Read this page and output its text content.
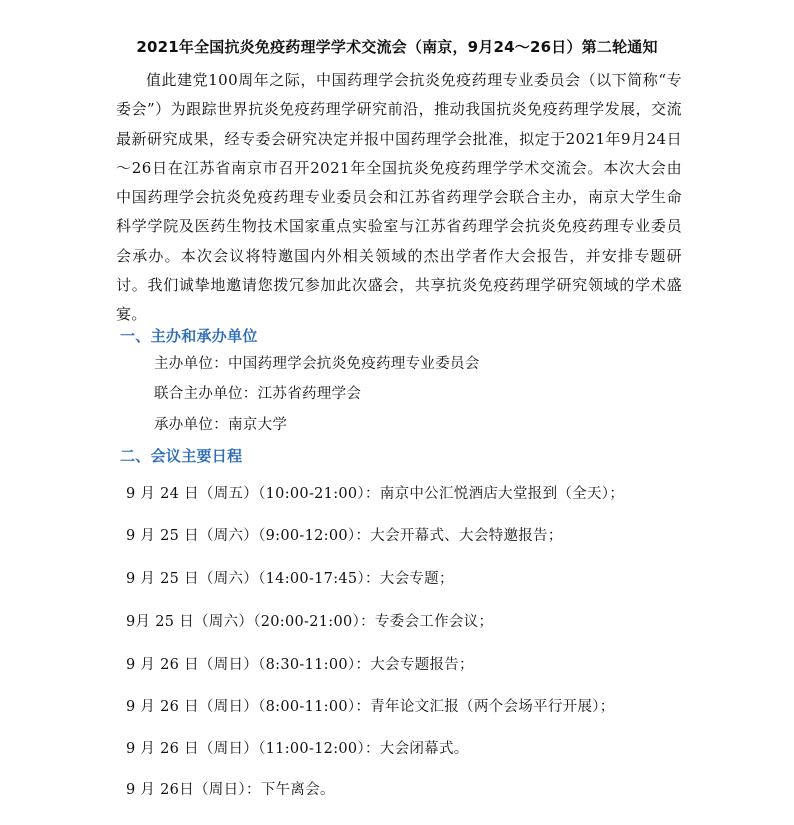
2021年全国抗炎免疫药理学学术交流会（南京，9月24～26日）第二轮通知

值此建党100周年之际，中国药理学会抗炎免疫药理专业委员会（以下简称“专委会”）为跟踪世界抗炎免疫药理学研究前沿，推动我国抗炎免疫药理学发展，交流最新研究成果，经专委会研究决定并报中国药理学会批准，拟定于2021年9月24日～26日在江苏省南京市召开2021年全国抗炎免疫药理学学术交流会。本次大会由中国药理学会抗炎免疫药理专业委员会和江苏省药理学会联合主办，南京大学生命科学学院及医药生物技术国家重点实验室与江苏省药理学会抗炎免疫药理专业委员会承办。本次会议将特邀国内外相关领域的杰出学者作大会报告，并安排专题研讨。我们诚挚地邀请您拨冗参加此次盛会，共享抗炎免疫药理学研究领域的学术盛宴。

一、主办和承办单位
主办单位：中国药理学会抗炎免疫药理专业委员会
联合主办单位：江苏省药理学会
承办单位：南京大学
二、会议主要日程
9 月 24 日（周五）（10:00-21:00）：南京中公汇悦酒店大堂报到（全天）；
9 月 25 日（周六）（9:00-12:00）：大会开幕式、大会特邀报告；
9 月 25 日（周六）（14:00-17:45）：大会专题；
9月 25 日（周六）（20:00-21:00）：专委会工作会议；
9 月 26 日（周日）（8:30-11:00）：大会专题报告；
9 月 26 日（周日）（8:00-11:00）：青年论文汇报（两个会场平行开展）；
9 月 26 日（周日）（11:00-12:00）：大会闭幕式。
9 月 26日（周日）：下午离会。
